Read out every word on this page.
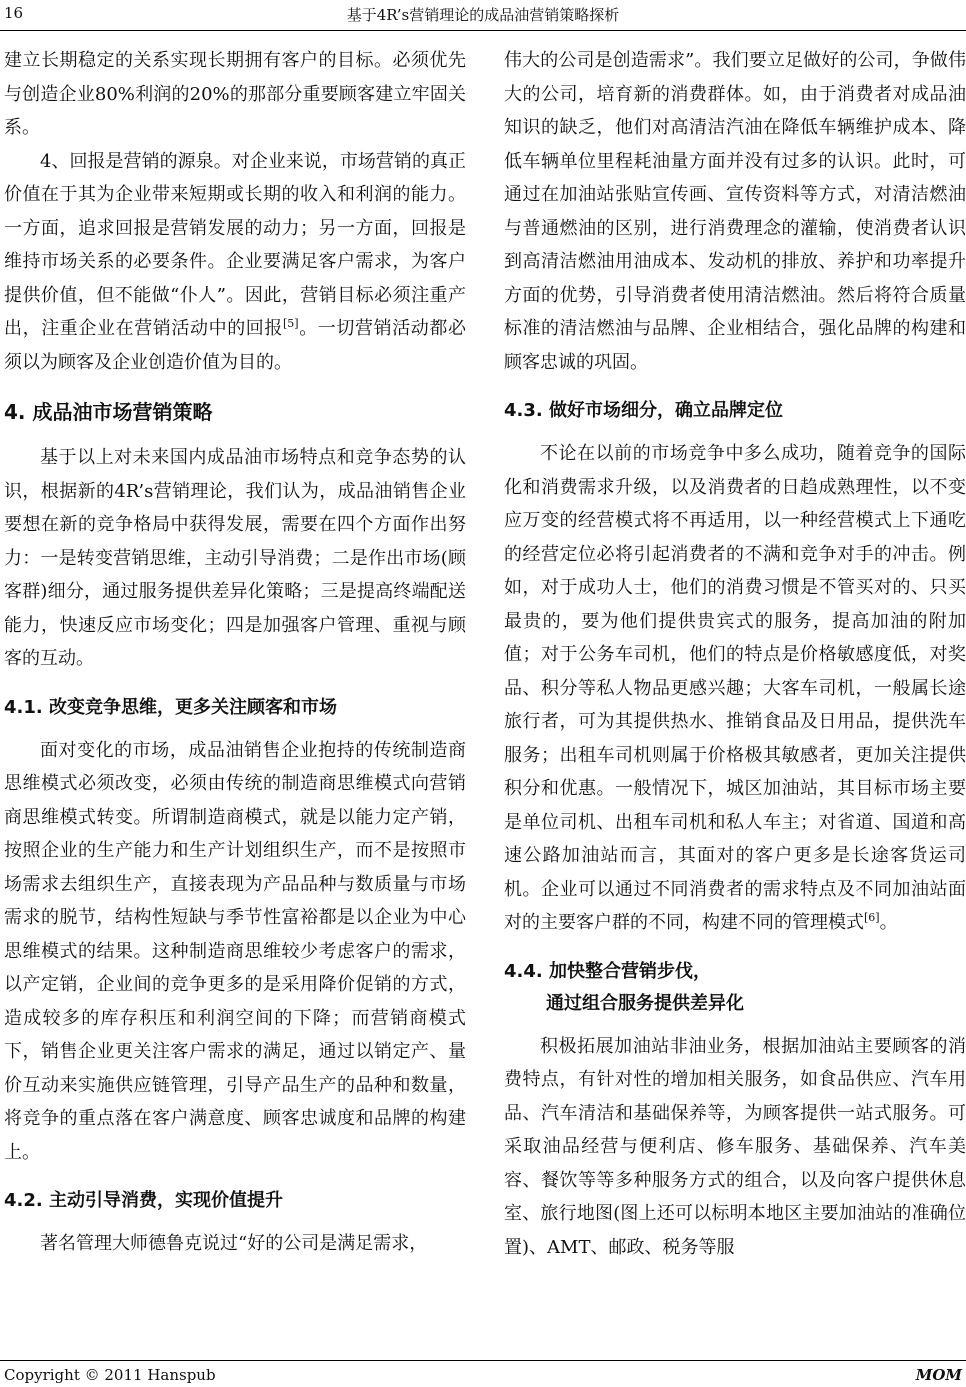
16	基于4R’s营销理论的成品油营销策略探析

建立长期稳定的关系实现长期拥有客户的目标。必须优先与创造企业80%利润的20%的那部分重要顾客建立牢固关系。

4、回报是营销的源泉。对企业来说，市场营销的真正价值在于其为企业带来短期或长期的收入和利润的能力。一方面，追求回报是营销发展的动力；另一方面，回报是维持市场关系的必要条件。企业要满足客户需求，为客户提供价值，但不能做“仆人”。因此，营销目标必须注重产出，注重企业在营销活动中的回报[5]。一切营销活动都必须以为顾客及企业创造价值为目的。

4. 成品油市场营销策略

基于以上对未来国内成品油市场特点和竞争态势的认识，根据新的4R’s营销理论，我们认为，成品油销售企业要想在新的竞争格局中获得发展，需要在四个方面作出努力：一是转变营销思维，主动引导消费；二是作出市场(顾客群)细分，通过服务提供差异化策略；三是提高终端配送能力，快速反应市场变化；四是加强客户管理、重视与顾客的互动。

4.1. 改变竞争思维，更多关注顾客和市场

面对变化的市场，成品油销售企业抱持的传统制造商思维模式必须改变，必须由传统的制造商思维模式向营销商思维模式转变。所谓制造商模式，就是以能力定产销，按照企业的生产能力和生产计划组织生产，而不是按照市场需求去组织生产，直接表现为产品品种与数质量与市场需求的脱节，结构性短缺与季节性富裕都是以企业为中心思维模式的结果。这种制造商思维较少考虑客户的需求，以产定销，企业间的竞争更多的是采用降价促销的方式，造成较多的库存积压和利润空间的下降；而营销商模式下，销售企业更关注客户需求的满足，通过以销定产、量价互动来实施供应链管理，引导产品生产的品种和数量，将竞争的重点落在客户满意度、顾客忠诚度和品牌的构建上。

4.2. 主动引导消费，实现价值提升

著名管理大师德鲁克说过“好的公司是满足需求，

伟大的公司是创造需求”。我们要立足做好的公司，争做伟大的公司，培育新的消费群体。如，由于消费者对成品油知识的缺乏，他们对高清洁汽油在降低车辆维护成本、降低车辆单位里程耗油量方面并没有过多的认识。此时，可通过在加油站张贴宣传画、宣传资料等方式，对清洁燃油与普通燃油的区别，进行消费理念的灌输，使消费者认识到高清洁燃油用油成本、发动机的排放、养护和功率提升方面的优势，引导消费者使用清洁燃油。然后将符合质量标准的清洁燃油与品牌、企业相结合，强化品牌的构建和顾客忠诚的巩固。

4.3. 做好市场细分，确立品牌定位

不论在以前的市场竞争中多么成功，随着竞争的国际化和消费需求升级，以及消费者的日趋成熟理性，以不变应万变的经营模式将不再适用，以一种经营模式上下通吃的经营定位必将引起消费者的不满和竞争对手的冲击。例如，对于成功人士，他们的消费习惯是不管买对的、只买最贵的，要为他们提供贵宾式的服务，提高加油的附加值；对于公务车司机，他们的特点是价格敏感度低，对奖品、积分等私人物品更感兴趣；大客车司机，一般属长途旅行者，可为其提供热水、推销食品及日用品，提供洗车服务；出租车司机则属于价格极其敏感者，更加关注提供积分和优惠。一般情况下，城区加油站，其目标市场主要是单位司机、出租车司机和私人车主；对省道、国道和高速公路加油站而言，其面对的客户更多是长途客货运司机。企业可以通过不同消费者的需求特点及不同加油站面对的主要客户群的不同，构建不同的管理模式[6]。

4.4. 加快整合营销步伐，
通过组合服务提供差异化

积极拓展加油站非油业务，根据加油站主要顾客的消费特点，有针对性的增加相关服务，如食品供应、汽车用品、汽车清洁和基础保养等，为顾客提供一站式服务。可采取油品经营与便利店、修车服务、基础保养、汽车美容、餐饮等等多种服务方式的组合，以及向客户提供休息室、旅行地图(图上还可以标明本地区主要加油站的准确位置)、AMT、邮政、税务等服

Copyright © 2011 Hanspub	MOM
